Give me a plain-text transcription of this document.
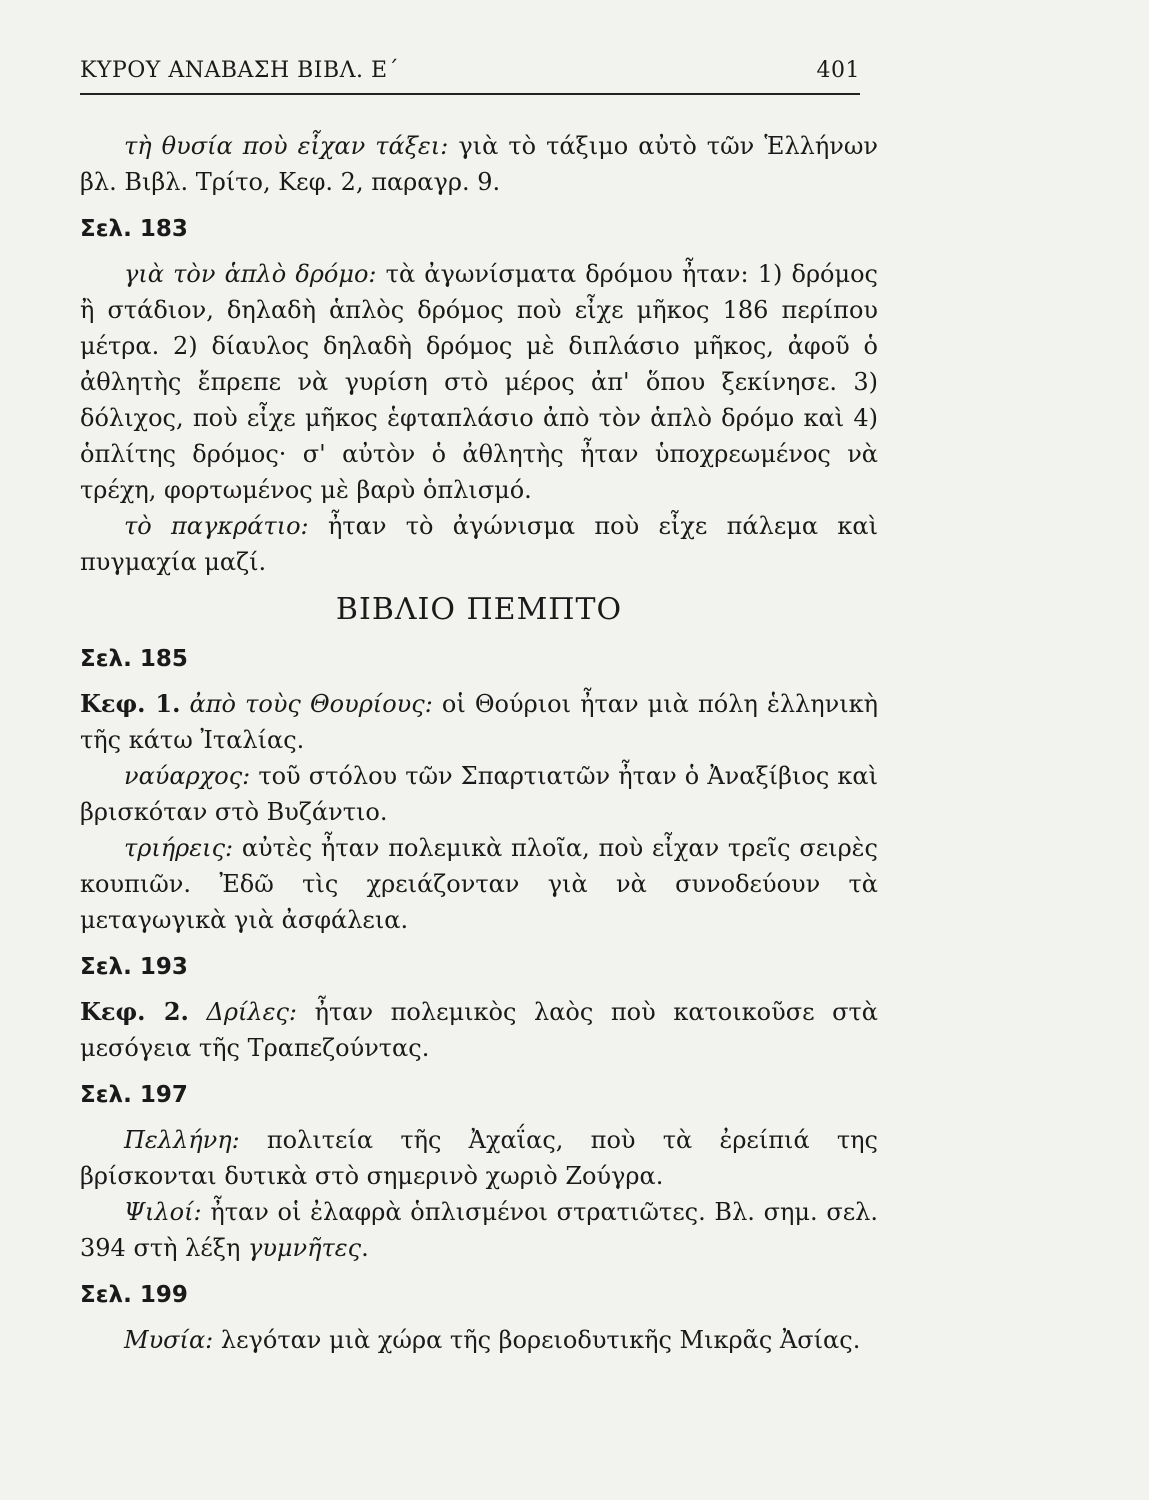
ΚΥΡΟΥ ΑΝΑΒΑΣΗ ΒΙΒΛ. Ε΄	401

τὴ θυσία ποὺ εἶχαν τάξει: γιὰ τὸ τάξιμο αὐτὸ τῶν Ἑλλήνων βλ. Βιβλ. Τρίτο, Κεφ. 2, παραγρ. 9.

Σελ. 183

γιὰ τὸν ἁπλὸ δρόμο: τὰ ἀγωνίσματα δρόμου ἦταν: 1) δρόμος ἢ στάδιον, δηλαδὴ ἁπλὸς δρόμος ποὺ εἶχε μῆκος 186 περίπου μέτρα. 2) δίαυλος δηλαδὴ δρόμος μὲ διπλάσιο μῆκος, ἀφοῦ ὁ ἀθλητὴς ἔπρεπε νὰ γυρίση στὸ μέρος ἀπ' ὅπου ξεκίνησε. 3) δόλιχος, ποὺ εἶχε μῆκος ἑφταπλάσιο ἀπὸ τὸν ἁπλὸ δρόμο καὶ 4) ὁπλίτης δρόμος· σ' αὐτὸν ὁ ἀθλητὴς ἦταν ὑποχρεωμένος νὰ τρέχη, φορτωμένος μὲ βαρὺ ὁπλισμό.

τὸ παγκράτιο: ἦταν τὸ ἀγώνισμα ποὺ εἶχε πάλεμα καὶ πυγμαχία μαζί.

ΒΙΒΛΙΟ ΠΕΜΠΤΟ
Σελ. 185

Κεφ. 1. ἀπὸ τοὺς Θουρίους: οἱ Θούριοι ἦταν μιὰ πόλη ἑλληνικὴ τῆς κάτω Ἰταλίας.

ναύαρχος: τοῦ στόλου τῶν Σπαρτιατῶν ἦταν ὁ Ἀναξίβιος καὶ βρισκόταν στὸ Βυζάντιο.

τριήρεις: αὐτὲς ἦταν πολεμικὰ πλοῖα, ποὺ εἶχαν τρεῖς σειρὲς κουπιῶν. Ἐδῶ τὶς χρειάζονταν γιὰ νὰ συνοδεύουν τὰ μεταγωγικὰ γιὰ ἀσφάλεια.

Σελ. 193

Κεφ. 2. Δρίλες: ἦταν πολεμικὸς λαὸς ποὺ κατοικοῦσε στὰ μεσόγεια τῆς Τραπεζούντας.

Σελ. 197

Πελλήνη: πολιτεία τῆς Ἀχαΐας, ποὺ τὰ ἐρείπιά της βρίσκονται δυτικὰ στὸ σημερινὸ χωριὸ Ζούγρα.

Ψιλοί: ἦταν οἱ ἐλαφρὰ ὁπλισμένοι στρατιῶτες. Βλ. σημ. σελ. 394 στὴ λέξη γυμνῆτες.

Σελ. 199

Μυσία: λεγόταν μιὰ χώρα τῆς βορειοδυτικῆς Μικρᾶς Ἀσίας.
